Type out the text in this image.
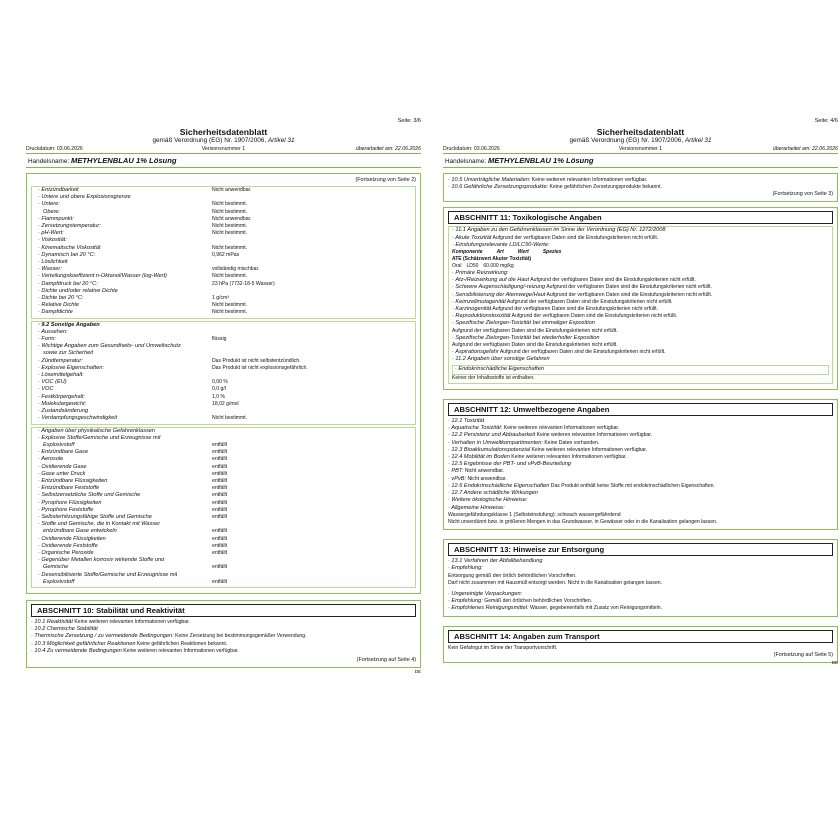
Seite: 3/6
Sicherheitsdatenblatt
gemäß Verordnung (EG) Nr. 1907/2006, Artikel 31
Druckdatum: 03.06.2026	Versionsnummer 1	überarbeitet am: 22.06.2026
Handelsname: METHYLENBLAU 1% Lösung
(Fortsetzung von Seite 2)
· Entzündbarkeit	Nicht anwendbar.
· Untere und obere Explosionsgrenze
· Untere:	Nicht bestimmt.
Obere:	Nicht bestimmt.
· Flammpunkt:	Nicht anwendbar.
· Zersetzungstemperatur:	Nicht bestimmt.
· pH-Wert:	Nicht bestimmt.
· Viskosität:
· Kinematische Viskosität	Nicht bestimmt.
· Dynamisch bei 20 °C:	0,962 mPas
· Löslichkeit
· Wasser:	vollständig mischbar.
· Verteilungskoeffizient n-Oktanol/Wasser (log-Wert)	Nicht bestimmt.
· Dampfdruck bei 20 °C:	23 hPa (7732-18-5 Wasser)
· Dichte und/oder relative Dichte
· Dichte bei 20 °C:	1 g/cm³
· Relative Dichte	Nicht bestimmt.
· Dampfdichte	Nicht bestimmt.
· 9.2 Sonstige Angaben
· Aussehen:
· Form:	flüssig
· Wichtige Angaben zum Gesundheits- und Umweltschutz
sowie zur Sicherheit
· Zündtemperatur:	Das Produkt ist nicht selbstentzündlich.
· Explosive Eigenschaften:	Das Produkt ist nicht explosionsgefährlich.
· Lösemittelgehalt:
· VOC (EU)	0,00 %
· VOC	0,0 g/l
· Festkörpergehalt:	1,0 %
· Molekulargewicht:	18,02 g/mol
· Zustandsänderung
· Verdampfungsgeschwindigkeit	Nicht bestimmt.
· Angaben über physikalische Gefahrenklassen
· Explosive Stoffe/Gemische und Erzeugnisse mit
Explosivstoff	entfällt
· Entzündbare Gase	entfällt
· Aerosole	entfällt
· Oxidierende Gase	entfällt
· Gase unter Druck	entfällt
· Entzündbare Flüssigkeiten	entfällt
· Entzündbare Feststoffe	entfällt
· Selbstzersetzliche Stoffe und Gemische	entfällt
· Pyrophore Flüssigkeiten	entfällt
· Pyrophore Feststoffe	entfällt
· Selbsterhitzungsfähige Stoffe und Gemische	entfällt
· Stoffe und Gemische, die in Kontakt mit Wasser
entzündbare Gase entwickeln	entfällt
· Oxidierende Flüssigkeiten	entfällt
· Oxidierende Feststoffe	entfällt
· Organische Peroxide	entfällt
· Gegenüber Metallen korrosiv wirkende Stoffe und
Gemische	entfällt
· Desensibilisierte Stoffe/Gemische und Erzeugnisse mit
Explosivstoff	entfällt
ABSCHNITT 10: Stabilität und Reaktivität
· 10.1 Reaktivität Keine weiteren relevanten Informationen verfügbar.
· 10.2 Chemische Stabilität
· Thermische Zersetzung / zu vermeidende Bedingungen: Keine Zersetzung bei bestimmungsgemäßer Verwendung.
· 10.3 Möglichkeit gefährlicher Reaktionen Keine gefährlichen Reaktionen bekannt.
· 10.4 Zu vermeidende Bedingungen Keine weiteren relevanten Informationen verfügbar.
(Fortsetzung auf Seite 4)
DE
Seite: 4/6
Sicherheitsdatenblatt
gemäß Verordnung (EG) Nr. 1907/2006, Artikel 31
Druckdatum: 03.06.2026	Versionsnummer 1	überarbeitet am: 22.06.2026
Handelsname: METHYLENBLAU 1% Lösung
· 10.5 Unverträgliche Materialien: Keine weiteren relevanten Informationen verfügbar.
· 10.6 Gefährliche Zersetzungsprodukte: Keine gefährlichen Zersetzungsprodukte bekannt.
(Fortsetzung von Seite 3)
ABSCHNITT 11: Toxikologische Angaben
· 11.1 Angaben zu den Gefahrenklassen im Sinne der Verordnung (EG) Nr. 1272/2008
· Akute Toxizität Aufgrund der verfügbaren Daten sind die Einstufungskriterien nicht erfüllt.
· Einstufungsrelevante LD/LC50-Werte:
Komponente	Art	Wert	Spezies
ATE (Schätzwert Akuter Toxizität)
Oral	LD50	60.000 mg/kg
· Primäre Reizwirkung:
· Ätz-/Reizwirkung auf die Haut Aufgrund der verfügbaren Daten sind die Einstufungskriterien nicht erfüllt.
· Schwere Augenschädigung/-reizung Aufgrund der verfügbaren Daten sind die Einstufungskriterien nicht erfüllt.
· Sensibilisierung der Atemwege/Haut Aufgrund der verfügbaren Daten sind die Einstufungskriterien nicht erfüllt.
· Keimzellmutagenität Aufgrund der verfügbaren Daten sind die Einstufungskriterien nicht erfüllt.
· Karzinogenität Aufgrund der verfügbaren Daten sind die Einstufungskriterien nicht erfüllt.
· Reproduktionstoxizität Aufgrund der verfügbaren Daten sind die Einstufungskriterien nicht erfüllt.
· Spezifische Zielorgan-Toxizität bei einmaliger Exposition
Aufgrund der verfügbaren Daten sind die Einstufungskriterien nicht erfüllt.
· Spezifische Zielorgan-Toxizität bei wiederholter Exposition
Aufgrund der verfügbaren Daten sind die Einstufungskriterien nicht erfüllt.
· Aspirationsgefahr Aufgrund der verfügbaren Daten sind die Einstufungskriterien nicht erfüllt.
· 11.2 Angaben über sonstige Gefahren
· Endokrinschädliche Eigenschaften
Keiner der Inhaltsstoffe ist enthalten.
ABSCHNITT 12: Umweltbezogene Angaben
· 12.1 Toxizität
· Aquatische Toxizität: Keine weiteren relevanten Informationen verfügbar.
· 12.2 Persistenz und Abbaubarkeit Keine weiteren relevanten Informationen verfügbar.
· Verhalten in Umweltkompartimenten: Keine Daten vorhanden.
· 12.3 Bioakkumulationspotenzial Keine weiteren relevanten Informationen verfügbar.
· 12.4 Mobilität im Boden Keine weiteren relevanten Informationen verfügbar.
· 12.5 Ergebnisse der PBT- und vPvB-Beurteilung
· PBT: Nicht anwendbar.
· vPvB: Nicht anwendbar.
· 12.6 Endokrinschädliche Eigenschaften Das Produkt enthält keine Stoffe mit endokrinschädlichen Eigenschaften.
· 12.7 Andere schädliche Wirkungen
· Weitere ökologische Hinweise:
· Allgemeine Hinweise:
Wassergefährdungsklasse 1 (Selbsteinstufung): schwach wassergefährdend
Nicht unverdünnt bzw. in größeren Mengen in das Grundwasser, in Gewässer oder in die Kanalisation gelangen lassen.
ABSCHNITT 13: Hinweise zur Entsorgung
· 13.1 Verfahren der Abfallbehandlung
· Empfehlung:
Entsorgung gemäß den örtlich behördlichen Vorschriften.
Darf nicht zusammen mit Hausmüll entsorgt werden. Nicht in die Kanalisation gelangen lassen.

· Ungereinigte Verpackungen:
· Empfehlung: Gemäß den örtlichen behördlichen Vorschriften.
· Empfohlenes Reinigungsmittel: Wasser, gegebenenfalls mit Zusatz von Reinigungsmitteln.
ABSCHNITT 14: Angaben zum Transport
Kein Gefahrgut im Sinne der Transportvorschrift.
(Fortsetzung auf Seite 5)
DE
